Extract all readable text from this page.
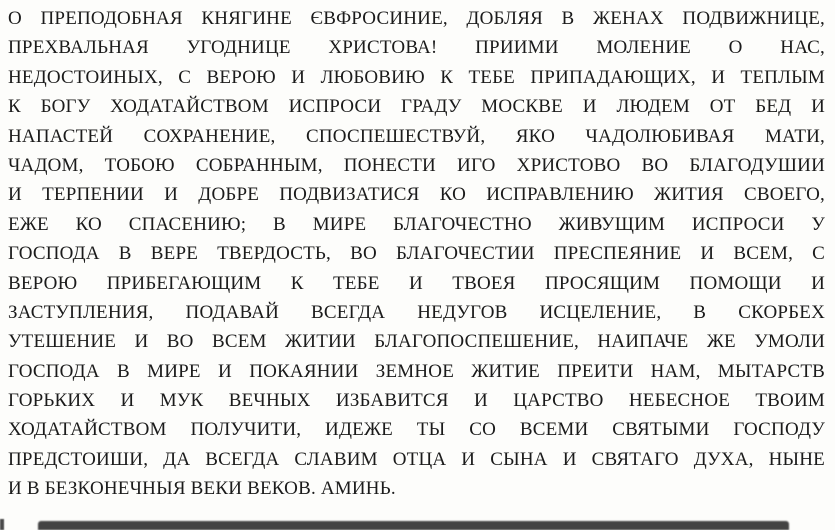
О ПРЕПОДОБНАЯ КНЯГИНЕ ЄВФРОСИНИЕ, ДОБЛЯЯ В ЖЕНАХ ПОДВИЖНИЦЕ,
ПРЕХВАЛЬНАЯ УГОДНИЦЕ ХРИСТОВА! ПРИИМИ МОЛЕНИЕ О НАС,
НЕДОСТОИНЫХ, С ВЕРОЮ И ЛЮБОВИЮ К ТЕБЕ ПРИПАДАЮЩИХ, И ТЕПЛЫМ
К БОГУ ХОДАТАЙСТВОМ ИСПРОСИ ГРАДУ МОСКВЕ И ЛЮДЕМ ОТ БЕД И
НАПАСТЕЙ СОХРАНЕНИЕ, СПОСПЕШЕСТВУЙ, ЯКО ЧАДОЛЮБИВАЯ МАТИ,
ЧАДОМ, ТОБОЮ СОБРАННЫМ, ПОНЕСТИ ИГО ХРИСТОВО ВО БЛАГОДУШИИ
И ТЕРПЕНИИ И ДОБРЕ ПОДВИЗАТИСЯ КО ИСПРАВЛЕНИЮ ЖИТИЯ СВОЕГО,
ЕЖЕ КО СПАСЕНИЮ; В МИРЕ БЛАГОЧЕСТНО ЖИВУЩИМ ИСПРОСИ У
ГОСПОДА В ВЕРЕ ТВЕРДОСТЬ, ВО БЛАГОЧЕСТИИ ПРЕСПЕЯНИЕ И ВСЕМ, С
ВЕРОЮ ПРИБЕГАЮЩИМ К ТЕБЕ И ТВОЕЯ ПРОСЯЩИМ ПОМОЩИ И
ЗАСТУПЛЕНИЯ, ПОДАВАЙ ВСЕГДА НЕДУГОВ ИСЦЕЛЕНИЕ, В СКОРБЕХ
УТЕШЕНИЕ И ВО ВСЕМ ЖИТИИ БЛАГОПОСПЕШЕНИЕ, НАИПАЧЕ ЖЕ УМОЛИ
ГОСПОДА В МИРЕ И ПОКАЯНИИ ЗЕМНОЕ ЖИТИЕ ПРЕИТИ НАМ, МЫТАРСТВ
ГОРЬКИХ И МУК ВЕЧНЫХ ИЗБАВИТСЯ И ЦАРСТВО НЕБЕСНОЕ ТВОИМ
ХОДАТАЙСТВОМ ПОЛУЧИТИ, ИДЕЖЕ ТЫ СО ВСЕМИ СВЯТЫМИ ГОСПОДУ
ПРЕДСТОИШИ, ДА ВСЕГДА СЛАВИМ ОТЦА И СЫНА И СВЯТАГО ДУХА, НЫНЕ
И В БЕЗКОНЕЧНЫЯ ВЕКИ ВЕКОВ. АМИНЬ.
